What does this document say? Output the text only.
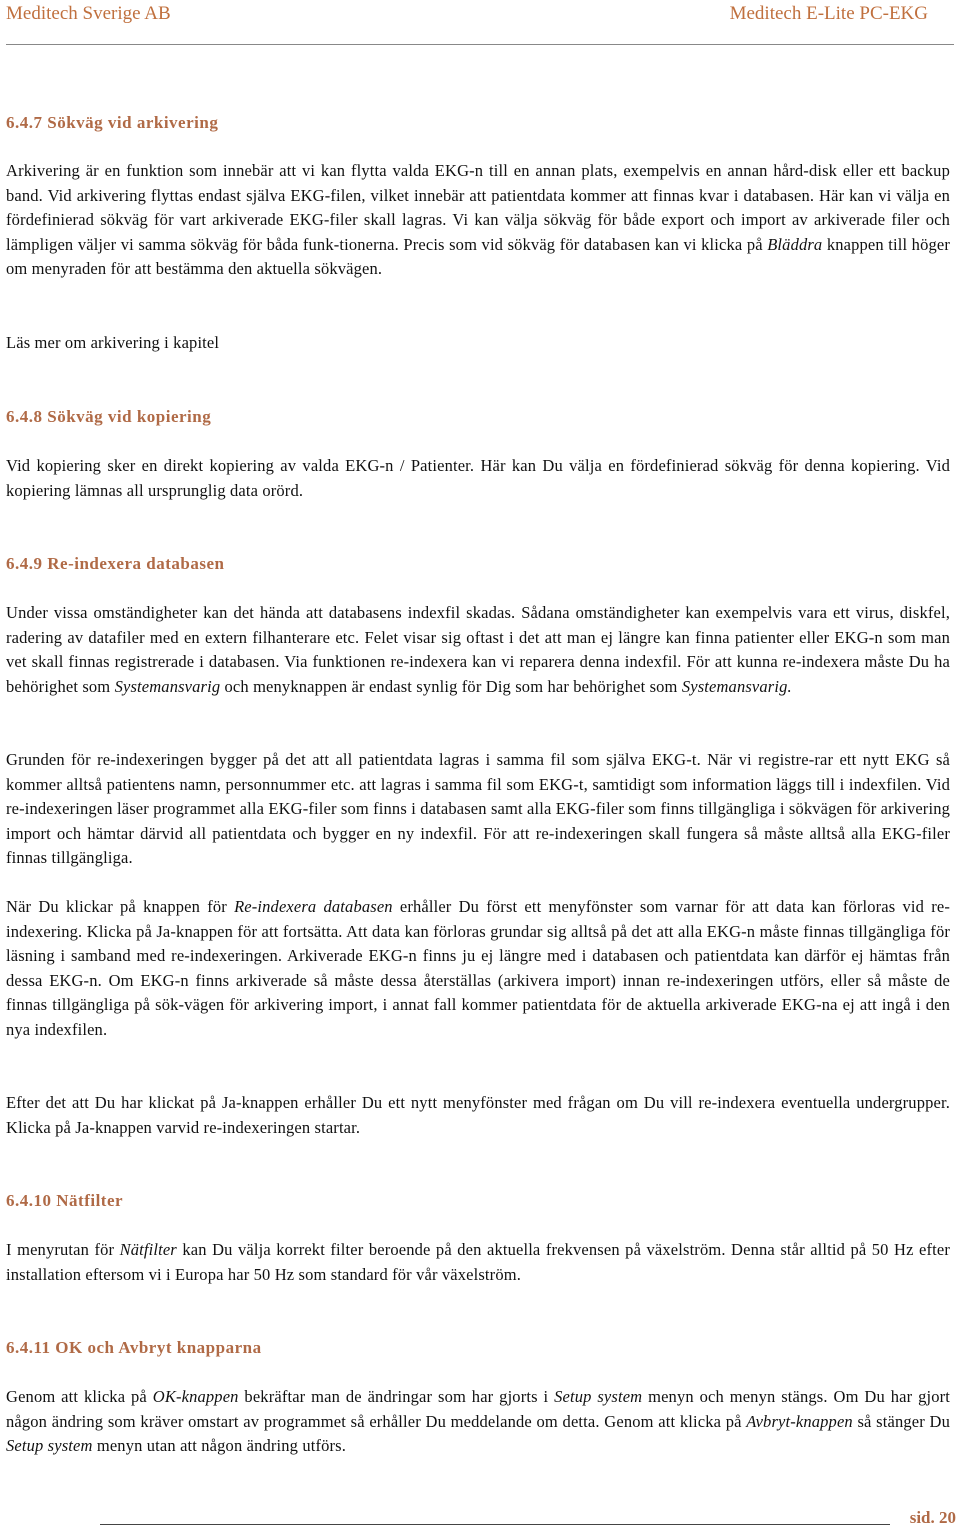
Meditech Sverige AB	Meditech E-Lite PC-EKG
6.4.7 Sökväg vid arkivering

Arkivering är en funktion som innebär att vi kan flytta valda EKG-n till en annan plats, exempelvis en annan hård-disk eller ett backup band. Vid arkivering flyttas endast själva EKG-filen, vilket innebär att patientdata kommer att finnas kvar i databasen. Här kan vi välja en fördefinierad sökväg för vart arkiverade EKG-filer skall lagras. Vi kan välja sökväg för både export och import av arkiverade filer och lämpligen väljer vi samma sökväg för båda funk-tionerna. Precis som vid sökväg för databasen kan vi klicka på Bläddra knappen till höger om menyraden för att bestämma den aktuella sökvägen.

Läs mer om arkivering i kapitel

6.4.8 Sökväg vid kopiering

Vid kopiering sker en direkt kopiering av valda EKG-n / Patienter. Här kan Du välja en fördefinierad sökväg för denna kopiering. Vid kopiering lämnas all ursprunglig data orörd.

6.4.9 Re-indexera databasen

Under vissa omständigheter kan det hända att databasens indexfil skadas. Sådana omständigheter kan exempelvis vara ett virus, diskfel, radering av datafiler med en extern filhanterare etc. Felet visar sig oftast i det att man ej längre kan finna patienter eller EKG-n som man vet skall finnas registrerade i databasen. Via funktionen re-indexera kan vi reparera denna indexfil. För att kunna re-indexera måste Du ha behörighet som Systemansvarig och menyknappen är endast synlig för Dig som har behörighet som Systemansvarig.

Grunden för re-indexeringen bygger på det att all patientdata lagras i samma fil som själva EKG-t. När vi registre-rar ett nytt EKG så kommer alltså patientens namn, personnummer etc. att lagras i samma fil som EKG-t, samtidigt som information läggs till i indexfilen. Vid re-indexeringen läser programmet alla EKG-filer som finns i databasen samt alla EKG-filer som finns tillgängliga i sökvägen för arkivering import och hämtar därvid all patientdata och bygger en ny indexfil. För att re-indexeringen skall fungera så måste alltså alla EKG-filer finnas tillgängliga.

När Du klickar på knappen för Re-indexera databasen erhåller Du först ett menyfönster som varnar för att data kan förloras vid re-indexering. Klicka på Ja-knappen för att fortsätta. Att data kan förloras grundar sig alltså på det att alla EKG-n måste finnas tillgängliga för läsning i samband med re-indexeringen. Arkiverade EKG-n finns ju ej längre med i databasen och patientdata kan därför ej hämtas från dessa EKG-n. Om EKG-n finns arkiverade så måste dessa återställas (arkivera import) innan re-indexeringen utförs, eller så måste de finnas tillgängliga på sök-vägen för arkivering import, i annat fall kommer patientdata för de aktuella arkiverade EKG-na ej att ingå i den nya indexfilen.

Efter det att Du har klickat på Ja-knappen erhåller Du ett nytt menyfönster med frågan om Du vill re-indexera eventuella undergrupper. Klicka på Ja-knappen varvid re-indexeringen startar.

6.4.10 Nätfilter

I menyrutan för Nätfilter kan Du välja korrekt filter beroende på den aktuella frekvensen på växelström. Denna står alltid på 50 Hz efter installation eftersom vi i Europa har 50 Hz som standard för vår växelström.

6.4.11 OK och Avbryt knapparna

Genom att klicka på OK-knappen bekräftar man de ändringar som har gjorts i Setup system menyn och menyn stängs. Om Du har gjort någon ändring som kräver omstart av programmet så erhåller Du meddelande om detta. Genom att klicka på Avbryt-knappen så stänger Du Setup system menyn utan att någon ändring utförs.

sid. 20
